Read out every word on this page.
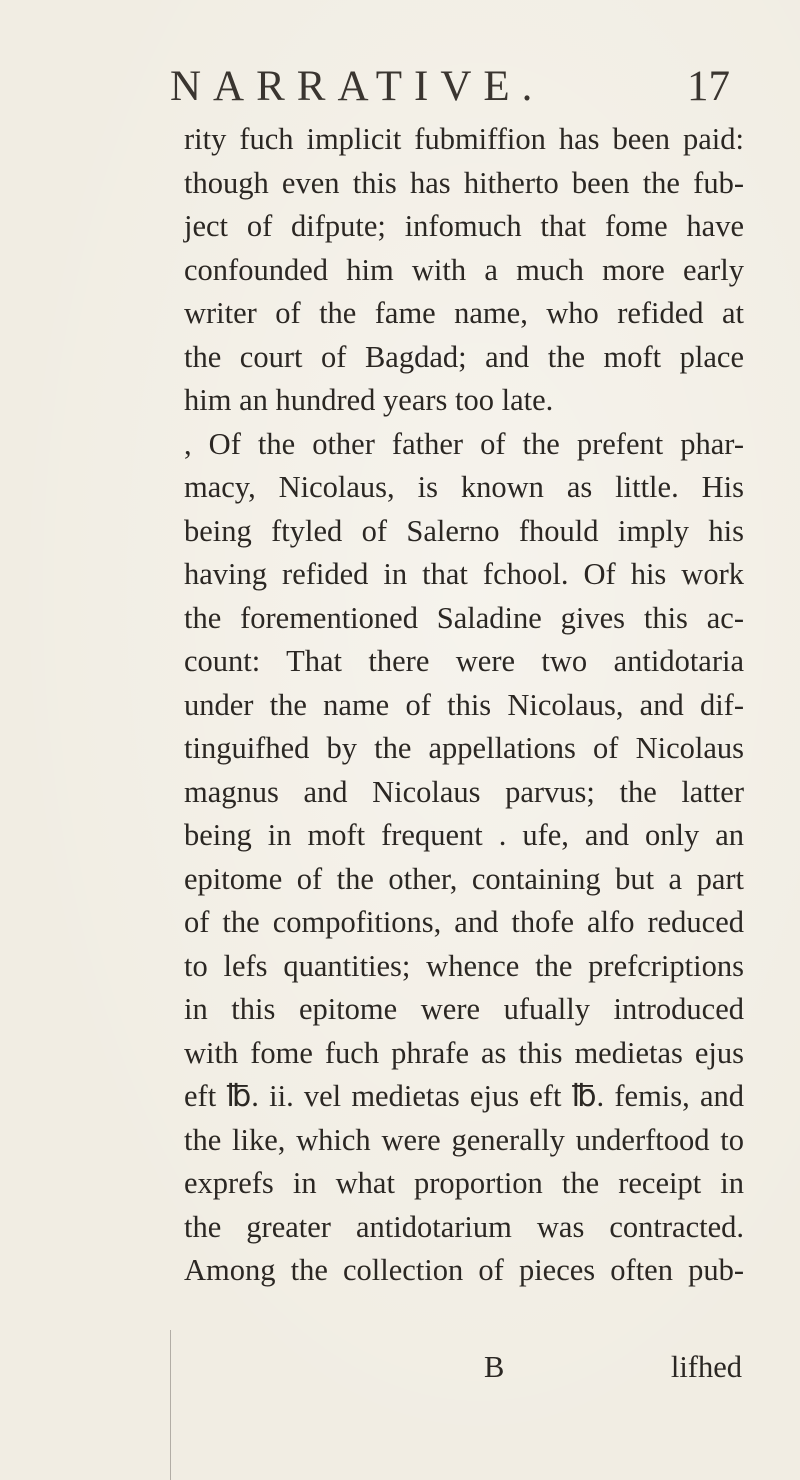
NARRATIVE.	17
rity fuch implicit fubmiffion has been paid:
though even this has hitherto been the fub-
ject of difpute; infomuch that fome have
confounded him with a much more early
writer of the fame name, who refided at
the court of Bagdad; and the moft place
him an hundred years too late.
, Of the other father of the prefent phar-
macy, Nicolaus, is known as little. His
being ftyled of Salerno fhould imply his
having refided in that fchool. Of his work
the forementioned Saladine gives this ac-
count: That there were two antidotaria
under the name of this Nicolaus, and dif-
tinguifhed by the appellations of Nicolaus
magnus and Nicolaus parvus; the latter
being in moft frequent . ufe, and only an
epitome of the other, containing but a part
of the compofitions, and thofe alfo reduced
to lefs quantities; whence the prefcriptions
in this epitome were ufually introduced
with fome fuch phrafe as this medietas ejus
eft ℔. ii. vel medietas ejus eft ℔. femis, and
the like, which were generally underftood to
exprefs in what proportion the receipt in
the greater antidotarium was contracted.
Among the collection of pieces often pub-
B	lifhed
